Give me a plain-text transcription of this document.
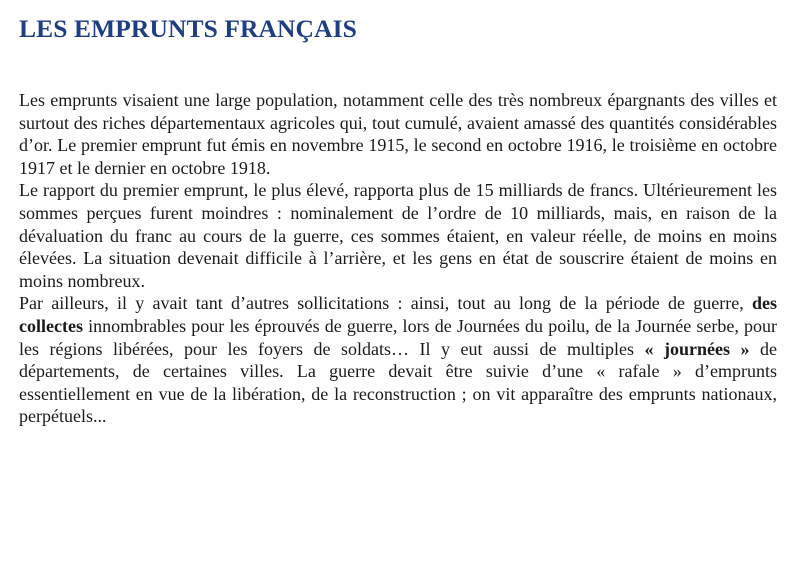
LES EMPRUNTS FRANÇAIS

Les emprunts visaient une large population, notamment celle des très nombreux épargnants des villes et surtout des riches départementaux agricoles qui, tout cumulé, avaient amassé des quantités considérables d’or. Le premier emprunt fut émis en novembre 1915, le second en octobre 1916, le troisième en octobre 1917 et le dernier en octobre 1918.

Le rapport du premier emprunt, le plus élevé, rapporta plus de 15 milliards de francs. Ultérieurement les sommes perçues furent moindres : nominalement de l’ordre de 10 milliards, mais, en raison de la dévaluation du franc au cours de la guerre, ces sommes étaient, en valeur réelle, de moins en moins élevées. La situation devenait difficile à l’arrière, et les gens en état de souscrire étaient de moins en moins nombreux.

Par ailleurs, il y avait tant d’autres sollicitations : ainsi, tout au long de la période de guerre, des collectes innombrables pour les éprouvés de guerre, lors de Journées du poilu, de la Journée serbe, pour les régions libérées, pour les foyers de soldats… Il y eut aussi de multiples « journées » de départements, de certaines villes. La guerre devait être suivie d’une « rafale » d’emprunts essentiellement en vue de la libération, de la reconstruction ; on vit apparaître des emprunts nationaux, perpétuels...
